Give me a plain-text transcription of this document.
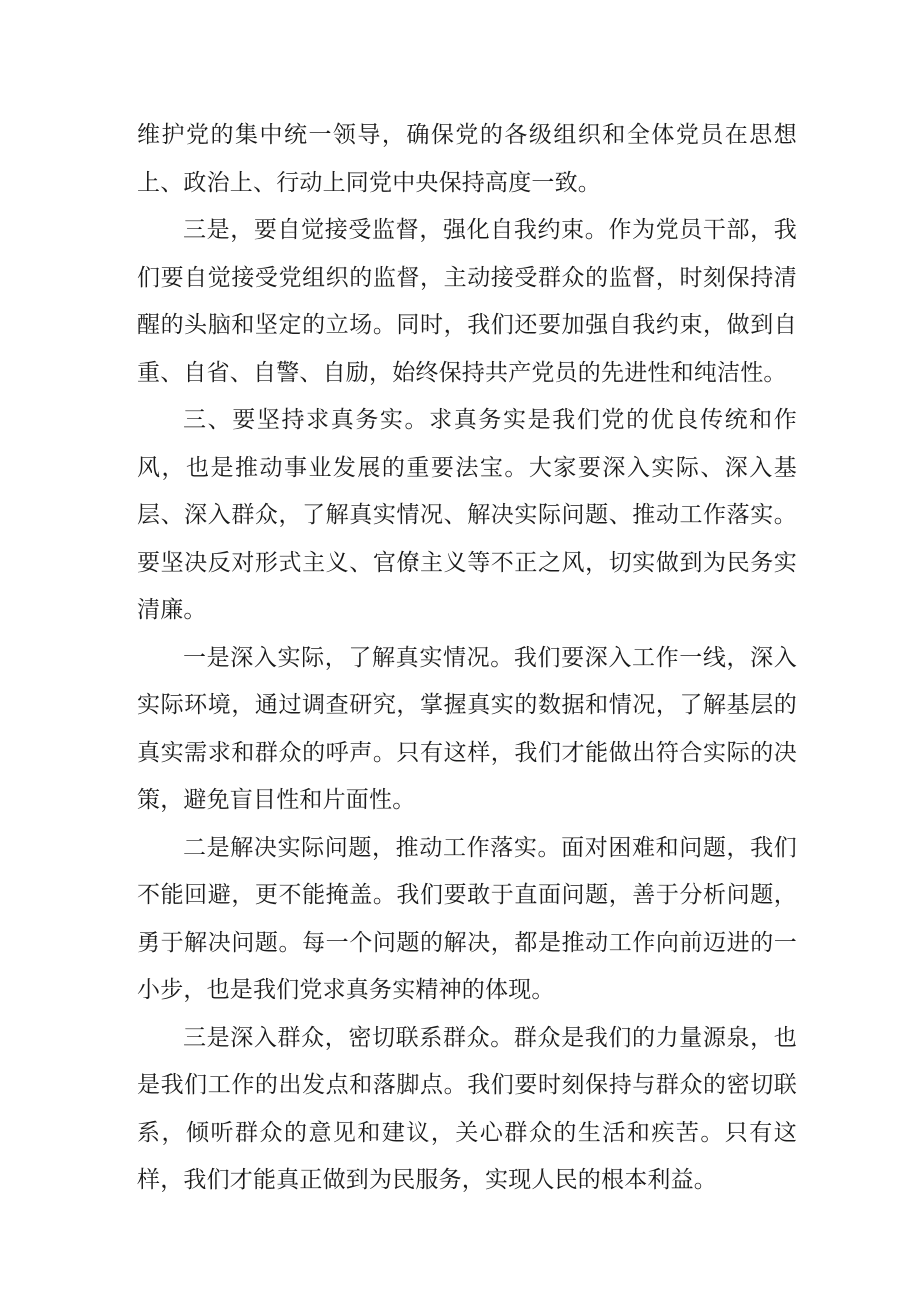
维护党的集中统一领导，确保党的各级组织和全体党员在思想上、政治上、行动上同党中央保持高度一致。

三是，要自觉接受监督，强化自我约束。作为党员干部，我们要自觉接受党组织的监督，主动接受群众的监督，时刻保持清醒的头脑和坚定的立场。同时，我们还要加强自我约束，做到自重、自省、自警、自励，始终保持共产党员的先进性和纯洁性。

三、要坚持求真务实。求真务实是我们党的优良传统和作风，也是推动事业发展的重要法宝。大家要深入实际、深入基层、深入群众，了解真实情况、解决实际问题、推动工作落实。要坚决反对形式主义、官僚主义等不正之风，切实做到为民务实清廉。

一是深入实际，了解真实情况。我们要深入工作一线，深入实际环境，通过调查研究，掌握真实的数据和情况，了解基层的真实需求和群众的呼声。只有这样，我们才能做出符合实际的决策，避免盲目性和片面性。

二是解决实际问题，推动工作落实。面对困难和问题，我们不能回避，更不能掩盖。我们要敢于直面问题，善于分析问题，勇于解决问题。每一个问题的解决，都是推动工作向前迈进的一小步，也是我们党求真务实精神的体现。

三是深入群众，密切联系群众。群众是我们的力量源泉，也是我们工作的出发点和落脚点。我们要时刻保持与群众的密切联系，倾听群众的意见和建议，关心群众的生活和疾苦。只有这样，我们才能真正做到为民服务，实现人民的根本利益。
